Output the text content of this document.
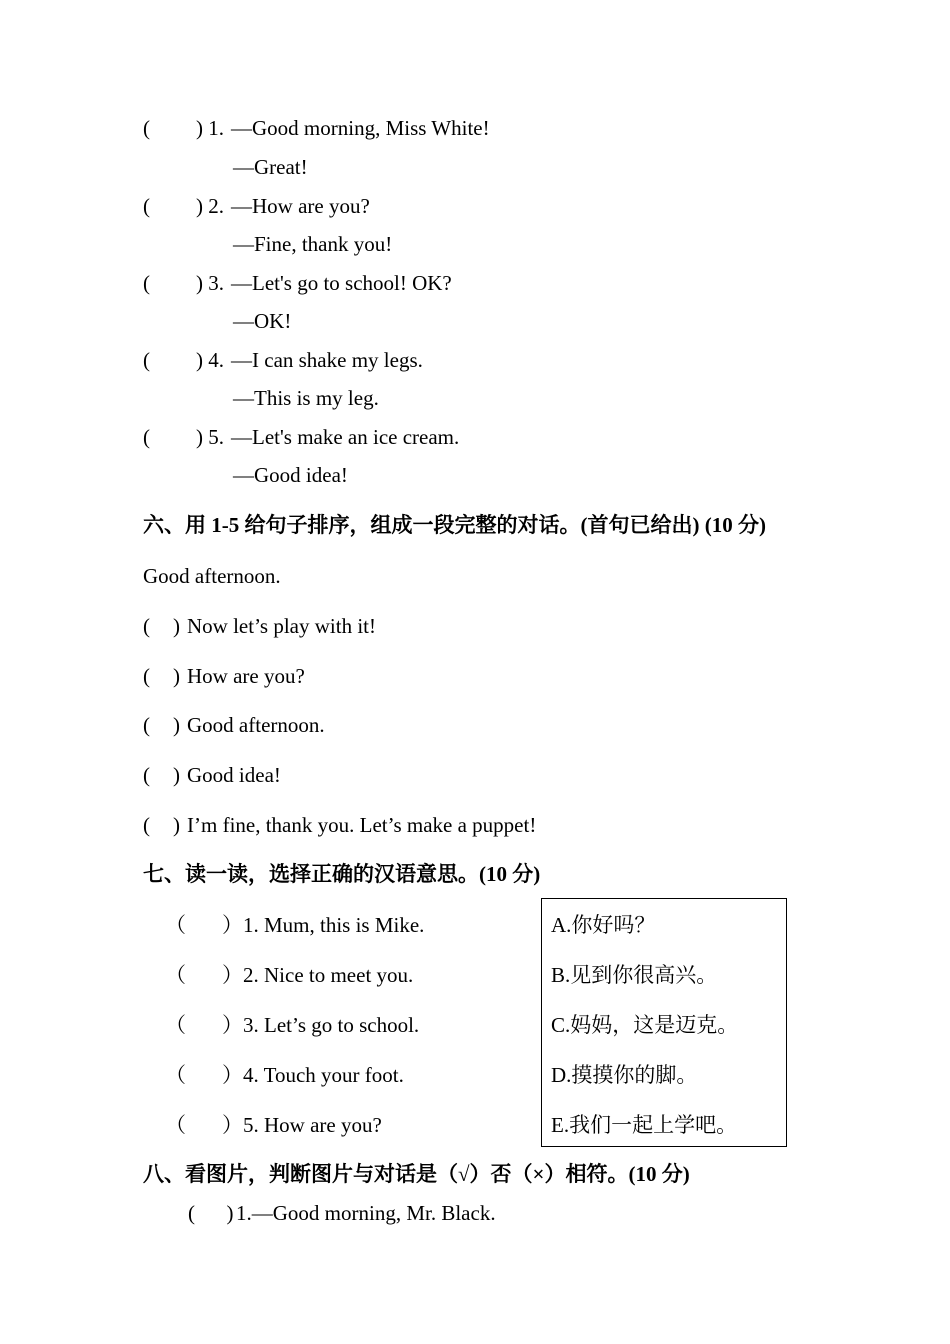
( ) 1. —Good morning, Miss White!
—Great!
( ) 2. —How are you?
—Fine, thank you!
( ) 3. —Let's go to school! OK?
—OK!
( ) 4. —I can shake my legs.
—This is my leg.
( ) 5. —Let's make an ice cream.
—Good idea!
六、用 1-5 给句子排序，组成一段完整的对话。(首句已给出) (10 分)
Good afternoon.
( ) Now let’s play with it!
( ) How are you?
( ) Good afternoon.
( ) Good idea!
( ) I’m fine, thank you. Let’s make a puppet!
七、读一读，选择正确的汉语意思。(10 分)
（ ）1. Mum, this is Mike.
（ ）2. Nice to meet you.
（ ）3. Let’s go to school.
（ ）4. Touch your foot.
（ ）5. How are you?
A.你好吗？
B.见到你很高兴。
C.妈妈，这是迈克。
D.摸摸你的脚。
E.我们一起上学吧。
八、看图片，判断图片与对话是（√）否（×）相符。(10 分)
(      ) 1.—Good morning, Mr. Black.
